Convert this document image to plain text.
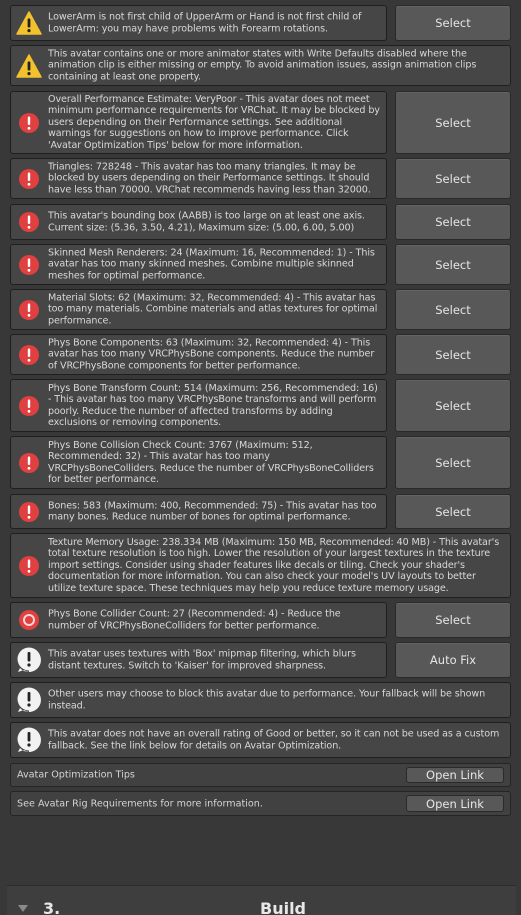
LowerArm is not first child of UpperArm or Hand is not first child of LowerArm: you may have problems with Forearm rotations.	Select
This avatar contains one or more animator states with Write Defaults disabled where the animation clip is either missing or empty. To avoid animation issues, assign animation clips containing at least one property.
Overall Performance Estimate: VeryPoor - This avatar does not meet minimum performance requirements for VRChat. It may be blocked by users depending on their Performance settings. See additional warnings for suggestions on how to improve performance. Click 'Avatar Optimization Tips' below for more information.
Select
Triangles: 728248 - This avatar has too many triangles. It may be blocked by users depending on their Performance settings. It should have less than 70000. VRChat recommends having less than 32000.
Select
This avatar's bounding box (AABB) is too large on at least one axis. Current size: (5.36, 3.50, 4.21), Maximum size: (5.00, 6.00, 5.00)	Select
Skinned Mesh Renderers: 24 (Maximum: 16, Recommended: 1) - This avatar has too many skinned meshes. Combine multiple skinned meshes for optimal performance.
Select
Material Slots: 62 (Maximum: 32, Recommended: 4) - This avatar has too many materials. Combine materials and atlas textures for optimal performance.
Select
Phys Bone Components: 63 (Maximum: 32, Recommended: 4) - This avatar has too many VRCPhysBone components. Reduce the number of VRCPhysBone components for better performance.
Select
Phys Bone Transform Count: 514 (Maximum: 256, Recommended: 16) - This avatar has too many VRCPhysBone transforms and will perform poorly. Reduce the number of affected transforms by adding exclusions or removing components.
Select
Phys Bone Collision Check Count: 3767 (Maximum: 512, Recommended: 32) - This avatar has too many VRCPhysBoneColliders. Reduce the number of VRCPhysBoneColliders for better performance.
Select
Bones: 583 (Maximum: 400, Recommended: 75) - This avatar has too many bones. Reduce number of bones for optimal performance.	Select
Texture Memory Usage: 238.334 MB (Maximum: 150 MB, Recommended: 40 MB) - This avatar's total texture resolution is too high. Lower the resolution of your largest textures in the texture import settings. Consider using shader features like decals or tiling. Check your shader's documentation for more information. You can also check your model's UV layouts to better utilize texture space. These techniques may help you reduce texture memory usage.
Phys Bone Collider Count: 27 (Recommended: 4) - Reduce the number of VRCPhysBoneColliders for better performance.	Select
This avatar uses textures with 'Box' mipmap filtering, which blurs distant textures. Switch to 'Kaiser' for improved sharpness.	Auto Fix
Other users may choose to block this avatar due to performance. Your fallback will be shown instead.
This avatar does not have an overall rating of Good or better, so it can not be used as a custom fallback. See the link below for details on Avatar Optimization.
Avatar Optimization Tips	Open Link
See Avatar Rig Requirements for more information.	Open Link
3.	Build
